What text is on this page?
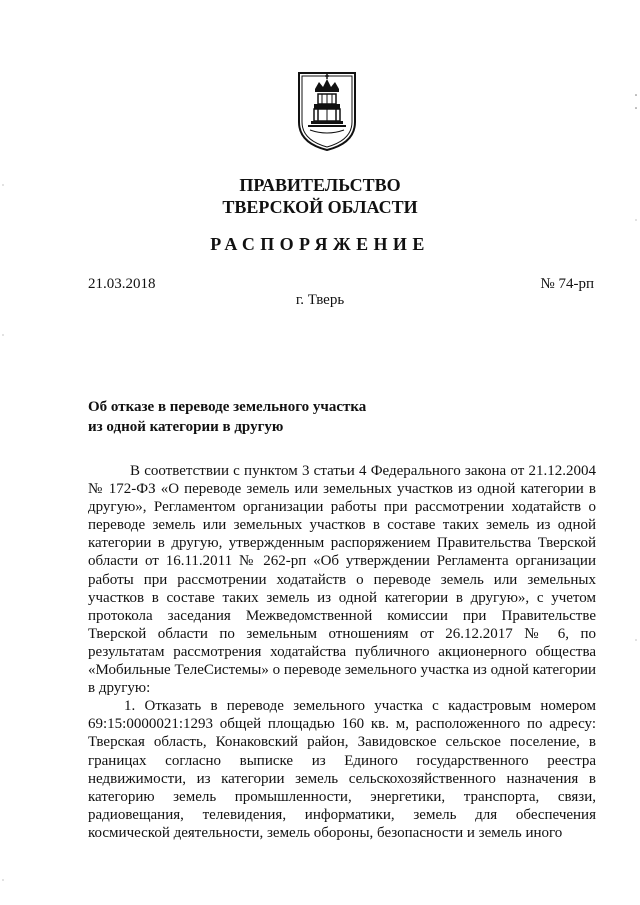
ПРАВИТЕЛЬСТВО
ТВЕРСКОЙ ОБЛАСТИ
РАСПОРЯЖЕНИЕ
21.03.2018	№ 74-рп
г. Тверь
Об отказе в переводе земельного участка
из одной категории в другую

В соответствии с пунктом 3 статьи 4 Федерального закона от 21.12.2004 № 172-ФЗ «О переводе земель или земельных участков из одной категории в другую», Регламентом организации работы при рассмотрении ходатайств о переводе земель или земельных участков в составе таких земель из одной категории в другую, утвержденным распоряжением Правительства Тверской области от 16.11.2011 № 262-рп «Об утверждении Регламента организации работы при рассмотрении ходатайств о переводе земель или земельных участков в составе таких земель из одной категории в другую», с учетом протокола заседания Межведомственной комиссии при Правительстве Тверской области по земельным отношениям от 26.12.2017 № 6, по результатам рассмотрения ходатайства публичного акционерного общества «Мобильные ТелеСистемы» о переводе земельного участка из одной категории в другую:

1. Отказать в переводе земельного участка с кадастровым номером 69:15:0000021:1293 общей площадью 160 кв. м, расположенного по адресу: Тверская область, Конаковский район, Завидовское сельское поселение, в границах согласно выписке из Единого государственного реестра недвижимости, из категории земель сельскохозяйственного назначения в категорию земель промышленности, энергетики, транспорта, связи, радиовещания, телевидения, информатики, земель для обеспечения космической деятельности, земель обороны, безопасности и земель иного
